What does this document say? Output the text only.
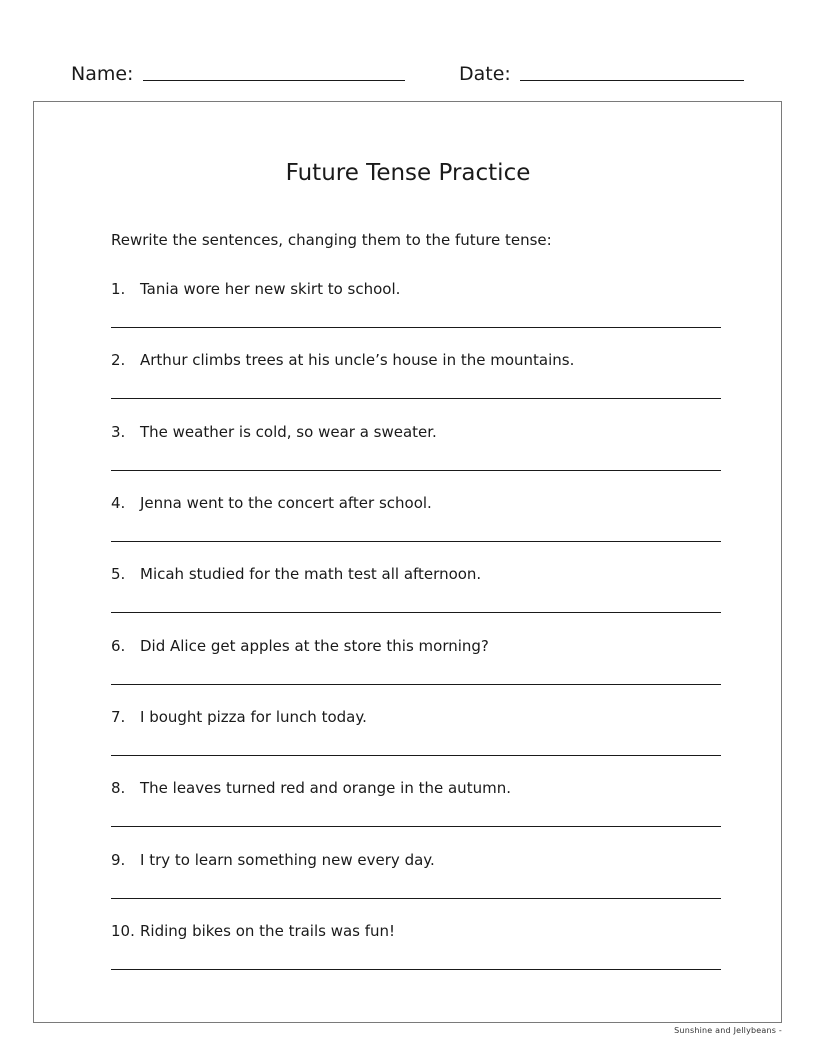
Name:	Date:
Future Tense Practice
Rewrite the sentences, changing them to the future tense:
1. Tania wore her new skirt to school.
2. Arthur climbs trees at his uncle’s house in the mountains.
3. The weather is cold, so wear a sweater.
4. Jenna went to the concert after school.
5. Micah studied for the math test all afternoon.
6. Did Alice get apples at the store this morning?
7. I bought pizza for lunch today.
8. The leaves turned red and orange in the autumn.
9. I try to learn something new every day.
10. Riding bikes on the trails was fun!
Sunshine and Jellybeans -
